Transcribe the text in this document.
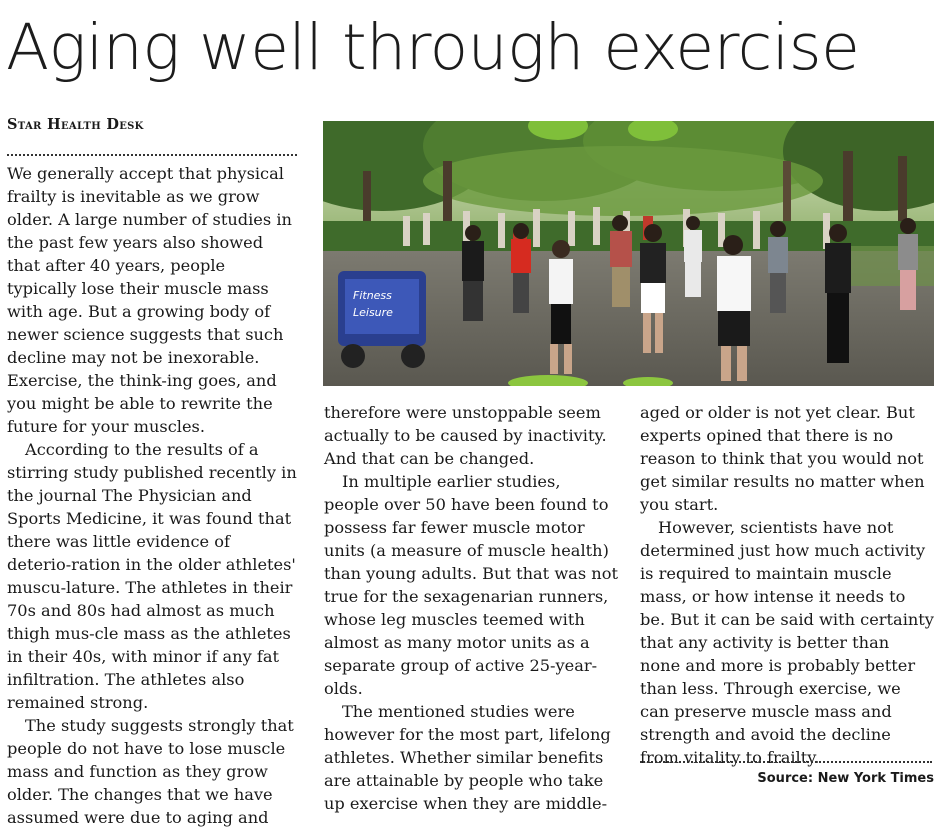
Aging well through exercise
Star Health Desk

We generally accept that physical frailty is inevitable as we grow older. A large number of studies in the past few years also showed that after 40 years, people typically lose their muscle mass with age. But a growing body of newer science suggests that such decline may not be inexorable. Exercise, the think-ing goes, and you might be able to rewrite the future for your muscles.

According to the results of a stirring study published recently in the journal The Physician and Sports Medicine, it was found that there was little evidence of deterio-ration in the older athletes' muscu-lature. The athletes in their 70s and 80s had almost as much thigh mus-cle mass as the athletes in their 40s, with minor if any fat infiltration. The athletes also remained strong.

The study suggests strongly that people do not have to lose muscle mass and function as they grow older. The changes that we have assumed were due to aging and

Fitness
Leisure

therefore were unstoppable seem actually to be caused by inactivity. And that can be changed.

In multiple earlier studies, people over 50 have been found to possess far fewer muscle motor units (a measure of muscle health) than young adults. But that was not true for the sexagenarian runners, whose leg muscles teemed with almost as many motor units as a separate group of active 25-year-olds.

The mentioned studies were however for the most part, lifelong athletes. Whether similar benefits are attainable by people who take up exercise when they are middle-

aged or older is not yet clear. But experts opined that there is no reason to think that you would not get similar results no matter when you start.

However, scientists have not determined just how much activity is required to maintain muscle mass, or how intense it needs to be. But it can be said with certainty that any activity is better than none and more is probably better than less. Through exercise, we can preserve muscle mass and strength and avoid the decline from vitality to frailty.

Source: New York Times
